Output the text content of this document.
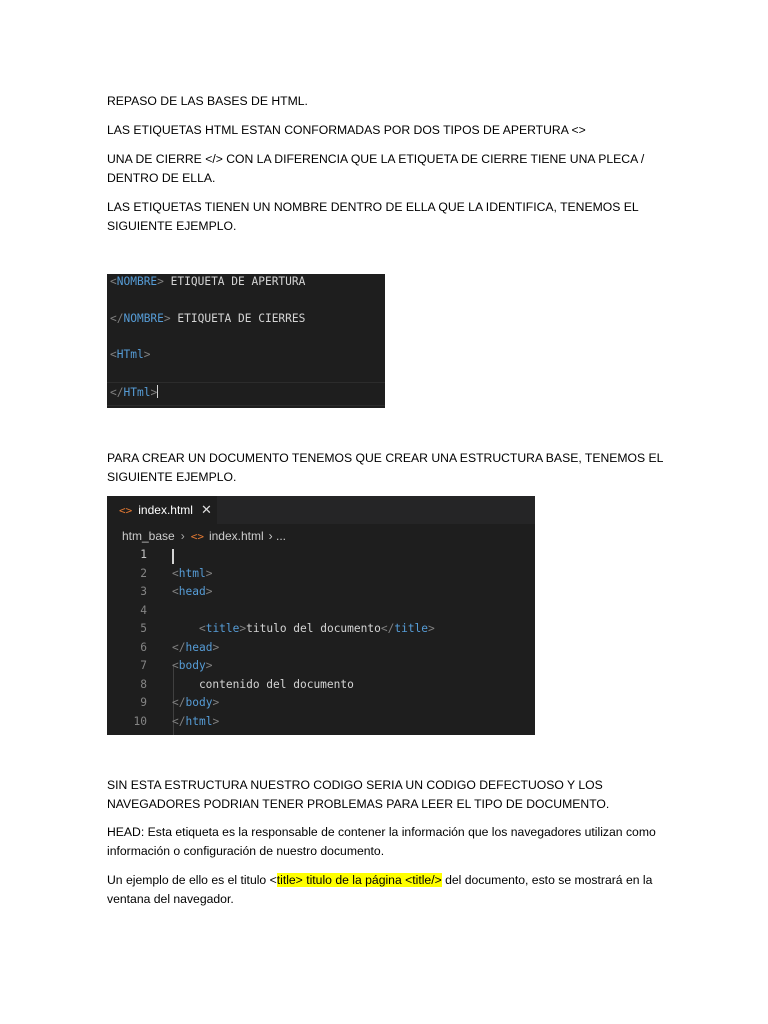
REPASO DE LAS BASES DE HTML.

LAS ETIQUETAS HTML ESTAN CONFORMADAS POR DOS TIPOS DE APERTURA <>

UNA DE CIERRE </> CON LA DIFERENCIA QUE LA ETIQUETA DE CIERRE TIENE UNA PLECA / DENTRO DE ELLA.

LAS ETIQUETAS TIENEN UN NOMBRE DENTRO DE ELLA QUE LA IDENTIFICA, TENEMOS EL SIGUIENTE EJEMPLO.

<NOMBRE> ETIQUETA DE APERTURA
</NOMBRE> ETIQUETA DE CIERRES
<HTml>
</HTml>

PARA CREAR UN DOCUMENTO TENEMOS QUE CREAR UNA ESTRUCTURA BASE, TENEMOS EL SIGUIENTE EJEMPLO.

<> index.html ✕
htm_base › <> index.html › ...
1
2 <html>
3 <head>
4
5	<title>titulo del documento</title>
6 </head>
7 <body>
8 contenido del documento
9 </body>
10 </html>

SIN ESTA ESTRUCTURA NUESTRO CODIGO SERIA UN CODIGO DEFECTUOSO Y LOS NAVEGADORES PODRIAN TENER PROBLEMAS PARA LEER EL TIPO DE DOCUMENTO.

HEAD: Esta etiqueta es la responsable de contener la información que los navegadores utilizan como información o configuración de nuestro documento.

Un ejemplo de ello es el titulo <title> titulo de la página <title/> del documento, esto se mostrará en la ventana del navegador.
